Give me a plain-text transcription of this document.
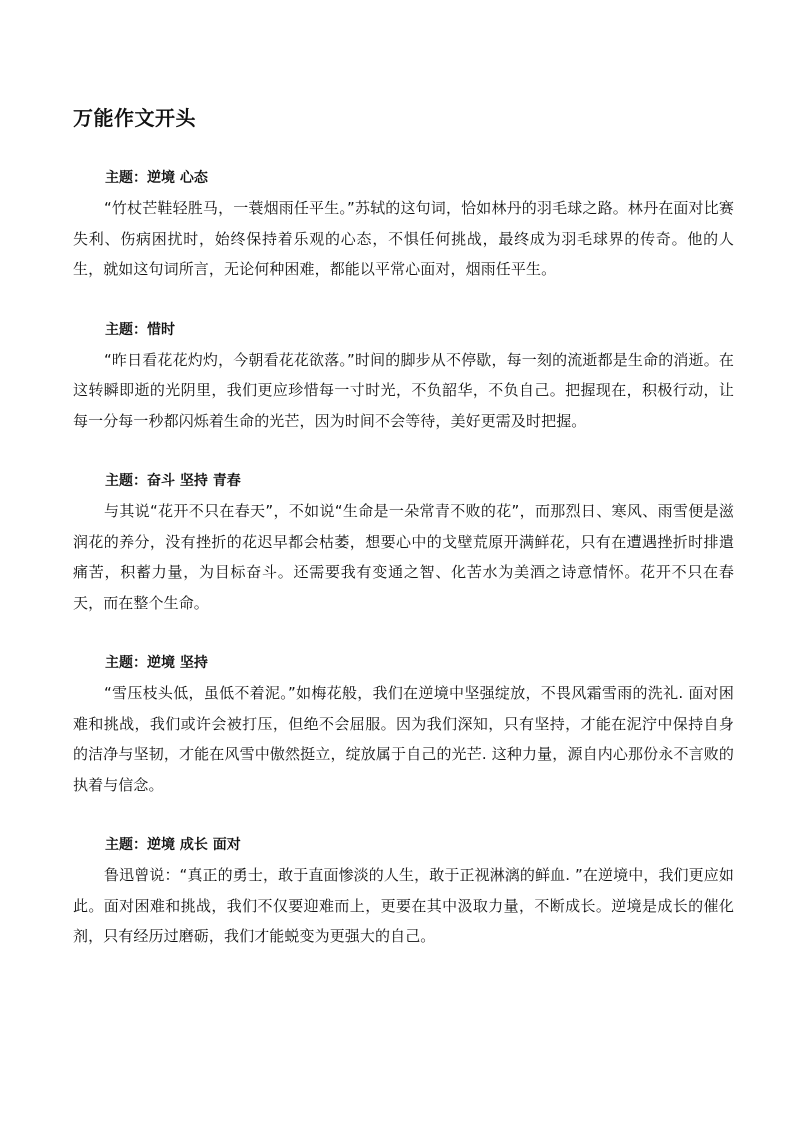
万能作文开头
主题：逆境 心态

“竹杖芒鞋轻胜马，一蓑烟雨任平生。”苏轼的这句词，恰如林丹的羽毛球之路。林丹在面对比赛失利、伤病困扰时，始终保持着乐观的心态，不惧任何挑战，最终成为羽毛球界的传奇。他的人生，就如这句词所言，无论何种困难，都能以平常心面对，烟雨任平生。

主题：惜时

“昨日看花花灼灼，今朝看花花欲落。”时间的脚步从不停歇，每一刻的流逝都是生命的消逝。在这转瞬即逝的光阴里，我们更应珍惜每一寸时光，不负韶华，不负自己。把握现在，积极行动，让每一分每一秒都闪烁着生命的光芒，因为时间不会等待，美好更需及时把握。

主题：奋斗 坚持 青春

与其说“花开不只在春天”，不如说“生命是一朵常青不败的花”，而那烈日、寒风、雨雪便是滋润花的养分，没有挫折的花迟早都会枯萎，想要心中的戈壁荒原开满鲜花，只有在遭遇挫折时排遣痛苦，积蓄力量，为目标奋斗。还需要我有变通之智、化苦水为美酒之诗意情怀。花开不只在春天，而在整个生命。

主题：逆境 坚持

“雪压枝头低，虽低不着泥。”如梅花般，我们在逆境中坚强绽放，不畏风霜雪雨的洗礼. 面对困难和挑战，我们或许会被打压，但绝不会屈服。因为我们深知，只有坚持，才能在泥泞中保持自身的洁净与坚韧，才能在风雪中傲然挺立，绽放属于自己的光芒. 这种力量，源自内心那份永不言败的执着与信念。

主题：逆境 成长 面对

鲁迅曾说：“真正的勇士，敢于直面惨淡的人生，敢于正视淋漓的鲜血. ”在逆境中，我们更应如此。面对困难和挑战，我们不仅要迎难而上，更要在其中汲取力量，不断成长。逆境是成长的催化剂，只有经历过磨砺，我们才能蜕变为更强大的自己。
